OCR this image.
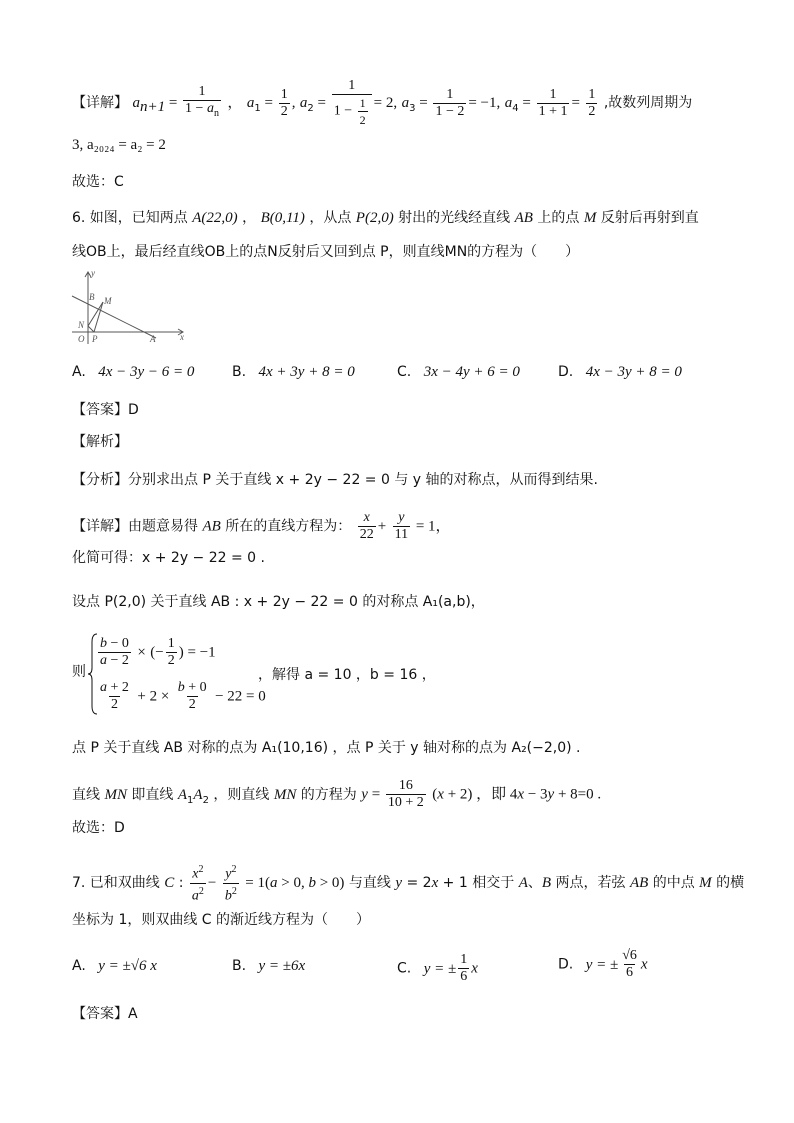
【详解】 $a_{n+1} = \frac{1}{1 - a_n}$ ， $a_1 = \frac{1}{2}$ , $a_2 = \frac{1}{1 - \frac{1}{2}} = 2$, $a_3 = \frac{1}{1 - 2} = -1$, $a_4 = \frac{1}{1 + 1} = \frac{1}{2}$ ,故数列周期为
3, a₂₀₂₄ = a₂ = 2
故选：C
6. 如图，已知两点 A(22,0) ， B(0,11) ，从点 P(2,0) 射出的光线经直线 AB 上的点 M 反射后再射到直
线OB上，最后经直线OB上的点N反射后又回到点 P，则直线MN的方程为（　　）
y
x
B M
N
O P	A
A. 4x − 3y − 6 = 0	B. 4x + 3y + 8 = 0	C. 3x − 4y + 6 = 0	D. 4x − 3y + 8 = 0
【答案】D
【解析】
【分析】分别求出点 P 关于直线 x + 2y − 22 = 0 与 y 轴的对称点，从而得到结果.
【详解】由题意易得 AB 所在的直线方程为： $\frac{x}{22} + \frac{y}{11} = 1$，
化简可得：x + 2y − 22 = 0 .
设点 P(2,0) 关于直线 AB : x + 2y − 22 = 0 的对称点 A₁(a,b)，
则
$\frac{b - 0}{a - 2}$ × (− $\frac{1}{2}$ ) = −1
$\frac{a + 2}{2} + 2 \times \frac{b + 0}{2} - 22 = 0$
，解得 a = 10 ，b = 16 ，
点 P 关于直线 AB 对称的点为 A₁(10,16) ，点 P 关于 y 轴对称的点为 A₂(−2,0) .
直线 MN 即直线 $A_1A_2$ ，则直线 MN 的方程为 $y = \frac{16}{10 + 2} (x + 2)$ ，即 4x − 3y + 8=0 .
故选：D
7. 已和双曲线 C : $\frac{x^2}{a^2} - \frac{y^2}{b^2} = 1(a > 0$, b > 0) 与直线 y = 2x + 1 相交于 A、B 两点，若弦 AB 的中点 M 的横
坐标为 1，则双曲线 C 的渐近线方程为（　　）
A. y = ±√6 x	B. y = ±6x	C. y = ± $\frac{1}{6}$ x	D. y = ± $\frac{√6}{6}$ x
【答案】A
